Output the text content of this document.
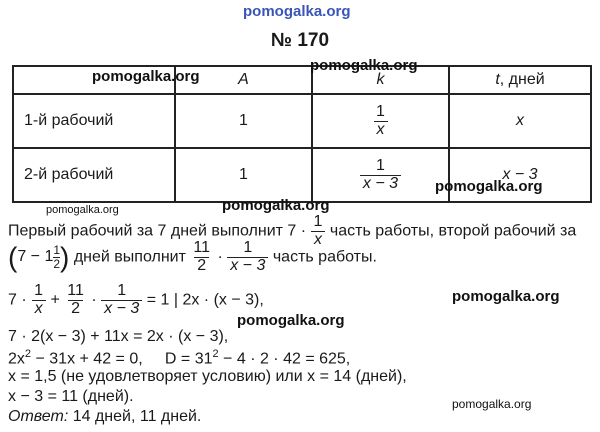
pomogalka.org
№ 170
	A	k	t, дней
1-й рабочий	1	$\frac{1}{x}$	x
2-й рабочий	1	$\frac{1}{x - 3}$	x − 3
pomogalka.org
pomogalka.org
pomogalka.org
pomogalka.org
pomogalka.org
Первый рабочий за 7 дней выполнит $7 \cdot \frac{1}{x}$ часть работы, второй рабочий за
( 7 − 1 1
2 ) дней выполнит $\frac{11}{2} \cdot \frac{1}{x - 3}$ часть работы.
$7 \cdot \frac{1}{x} + \frac{11}{2} \cdot \frac{1}{x - 3} = 1$ | 2x · (x − 3),	pomogalka.org
pomogalka.org
7 · 2(x − 3) + 11x = 2x · (x − 3),
$2x^2 - 31x + 42 = 0$,     $D = 31^2 - 4 \cdot 2 \cdot 42 = 625$,
x = 1,5 (не удовлетворяет условию) или x = 14 (дней),
x − 3 = 11 (дней).
Ответ: 14 дней, 11 дней.
pomogalka.org
